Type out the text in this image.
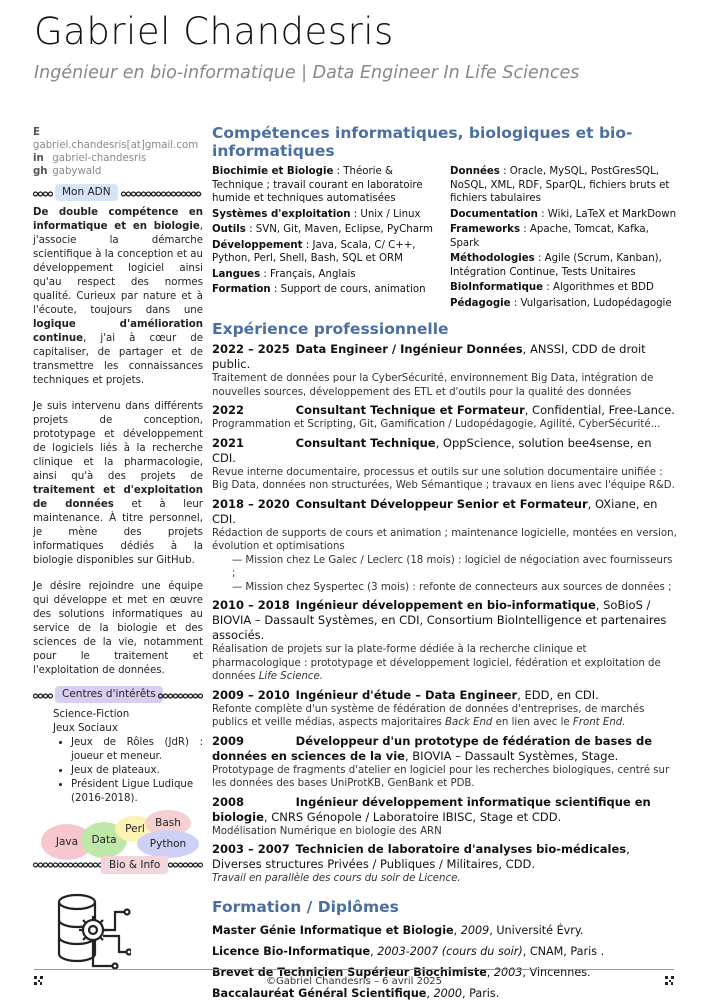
Gabriel Chandesris
Ingénieur en bio-informatique | Data Engineer In Life Sciences
E gabriel.chandesris[at]gmail.com
in gabriel-chandesris
gh gabywald
Mon ADN

De double compétence en informatique et en biologie, j'associe la démarche scientifique à la conception et au développement logiciel ainsi qu'au respect des normes qualité. Curieux par nature et à l'écoute, toujours dans une logique d'amélioration continue, j'ai à cœur de capitaliser, de partager et de transmettre les connaissances techniques et projets.

Je suis intervenu dans différents projets de conception, prototypage et développement de logiciels liés à la recherche clinique et la pharmacologie, ainsi qu'à des projets de traitement et d'exploitation de données et à leur maintenance. À titre personnel, je mène des projets informatiques dédiés à la biologie disponibles sur GitHub.

Je désire rejoindre une équipe qui développe et met en œuvre des solutions informatiques au service de la biologie et des sciences de la vie, notamment pour le traitement et l'exploitation de données.

Centres d'intérêts
Science-Fiction
Jeux Sociaux
• Jeux de Rôles (JdR) : joueur et meneur.
• Jeux de plateaux.
• Président Ligue Ludique (2016-2018).
Java	Data
Perl Bash
Python
Bio & Info
Compétences informatiques, biologiques et bio-informatiques
Biochimie et Biologie : Théorie & Technique ; travail courant en laboratoire humide et techniques automatisées
Systèmes d'exploitation : Unix / Linux
Outils : SVN, Git, Maven, Eclipse, PyCharm
Développement : Java, Scala, C/ C++, Python, Perl, Shell, Bash, SQL et ORM
Langues : Français, Anglais
Formation : Support de cours, animation
Données : Oracle, MySQL, PostGresSQL, NoSQL, XML, RDF, SparQL, fichiers bruts et fichiers tabulaires
Documentation : Wiki, LaTeX et MarkDown
Frameworks : Apache, Tomcat, Kafka, Spark
Méthodologies : Agile (Scrum, Kanban), Intégration Continue, Tests Unitaires
BioInformatique : Algorithmes et BDD
Pédagogie : Vulgarisation, Ludopédagogie
Expérience professionnelle
2022 – 2025 Data Engineer / Ingénieur Données, ANSSI, CDD de droit public.
Traitement de données pour la CyberSécurité, environnement Big Data, intégration de nouvelles sources, développement des ETL et d'outils pour la qualité des données
2022	Consultant Technique et Formateur, Confidential, Free-Lance.
Programmation et Scripting, Git, Gamification / Ludopédagogie, Agilité, CyberSécurité...
2021	Consultant Technique, OppScience, solution bee4sense, en CDI.
Revue interne documentaire, processus et outils sur une solution documentaire unifiée : Big Data, données non structurées, Web Sémantique ; travaux en liens avec l'équipe R&D.
2018 – 2020 Consultant Développeur Senior et Formateur, OXiane, en CDI.
Rédaction de supports de cours et animation ; maintenance logicielle, montées en version, évolution et optimisations
— Mission chez Le Galec / Leclerc (18 mois) : logiciel de négociation avec fournisseurs ;
— Mission chez Syspertec (3 mois) : refonte de connecteurs aux sources de données ;
2010 – 2018 Ingénieur développement en bio-informatique, SoBioS / BIOVIA – Dassault Systèmes, en CDI, Consortium BioIntelligence et partenaires associés.
Réalisation de projets sur la plate-forme dédiée à la recherche clinique et pharmacologique : prototypage et développement logiciel, fédération et exploitation de données Life Science.
2009 – 2010 Ingénieur d'étude – Data Engineer, EDD, en CDI.
Refonte complète d'un système de fédération de données d'entreprises, de marchés publics et veille médias, aspects majoritaires Back End en lien avec le Front End.
2009	Développeur d'un prototype de fédération de bases de données en sciences de la vie, BIOVIA – Dassault Systèmes, Stage.
Prototypage de fragments d'atelier en logiciel pour les recherches biologiques, centré sur les données des bases UniProtKB, GenBank et PDB.
2008	Ingénieur développement informatique scientifique en biologie, CNRS Génopole / Laboratoire IBISC, Stage et CDD.
Modélisation Numérique en biologie des ARN
2003 – 2007 Technicien de laboratoire d'analyses bio-médicales, Diverses structures Privées / Publiques / Militaires, CDD.
Travail en parallèle des cours du soir de Licence.
Formation / Diplômes
Master Génie Informatique et Biologie, 2009, Université Évry.
Licence Bio-Informatique, 2003-2007 (cours du soir), CNAM, Paris .
Brevet de Technicien Supérieur Biochimiste, 2003, Vincennes.
Baccalauréat Général Scientifique, 2000, Paris.
©Gabriel Chandesris – 6 avril 2025
